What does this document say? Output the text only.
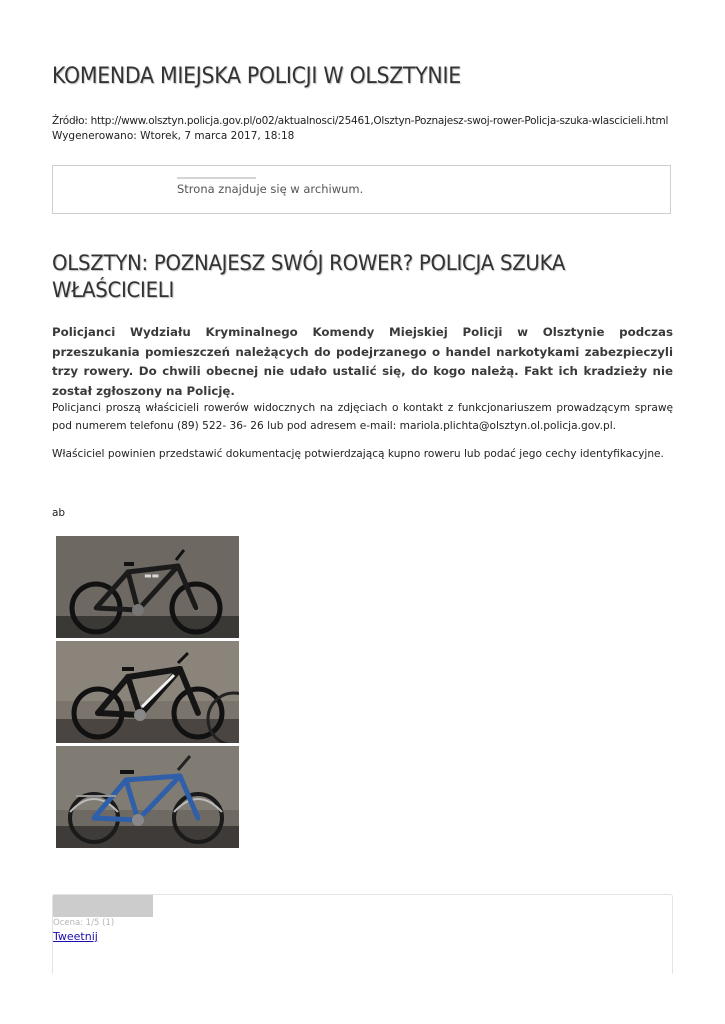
KOMENDA MIEJSKA POLICJI W OLSZTYNIE
Źródło: http://www.olsztyn.policja.gov.pl/o02/aktualnosci/25461,Olsztyn-Poznajesz-swoj-rower-Policja-szuka-wlascicieli.html
Wygenerowano: Wtorek, 7 marca 2017, 18:18
Strona znajduje się w archiwum.
OLSZTYN: POZNAJESZ SWÓJ ROWER? POLICJA SZUKA WŁAŚCICIELI

Policjanci Wydziału Kryminalnego Komendy Miejskiej Policji w Olsztynie podczas przeszukania pomieszczeń należących do podejrzanego o handel narkotykami zabezpieczyli trzy rowery. Do chwili obecnej nie udało ustalić się, do kogo należą. Fakt ich kradzieży nie został zgłoszony na Policję.

Policjanci proszą właścicieli rowerów widocznych na zdjęciach o kontakt z funkcjonariuszem prowadzącym sprawę pod numerem telefonu (89) 522- 36- 26 lub pod adresem e-mail: mariola.plichta@olsztyn.ol.policja.gov.pl.

Właściciel powinien przedstawić dokumentację potwierdzającą kupno roweru lub podać jego cechy identyfikacyjne.

ab
▬▬
Ocena: 1/5 (1)
Tweetnij
